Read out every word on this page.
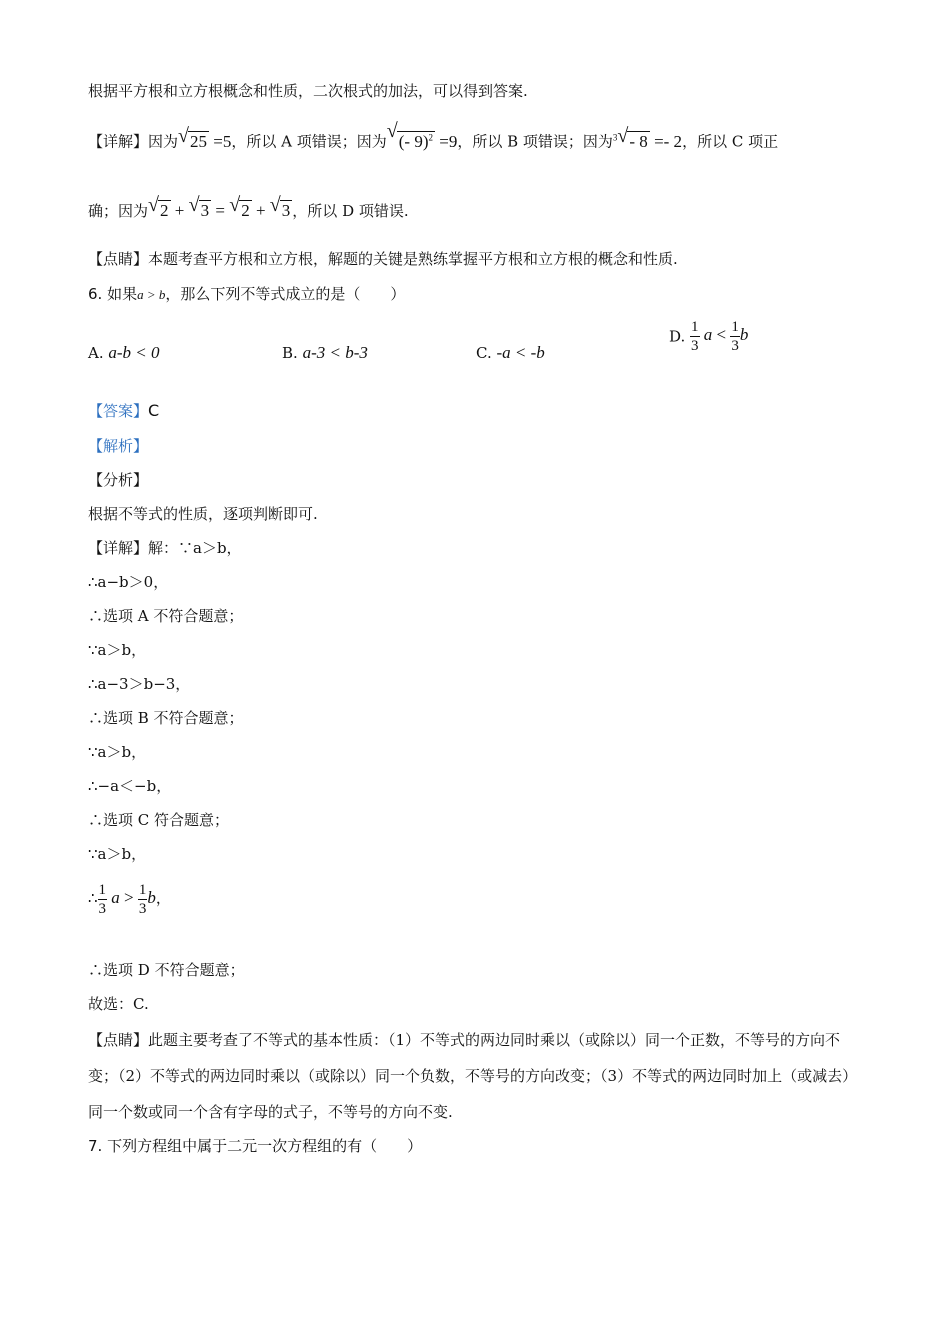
根据平方根和立方根概念和性质，二次根式的加法，可以得到答案.
【详解】因为 √ 25 =5，所以 A 项错误；因为 √ (- 9)$^2$ =9，所以 B 项错误；因为$^3$ √ - 8 =- 2，所以 C 项正
确；因为 √ 2 + √ 3 = √ 2 + √ 3 ，所以 D 项错误.
【点睛】本题考查平方根和立方根，解题的关键是熟练掌握平方根和立方根的概念和性质.
6. 如果a > b，那么下列不等式成立的是（　　）
A. a-b < 0	B. a-3 < b-3	C. -a < -b
D. $\frac{1}{3}$ $a < \frac{1}{3}$ b
【答案】C
【解析】
【分析】
根据不等式的性质，逐项判断即可.
【详解】解：∵a＞b，
∴a−b＞0，
∴选项 A 不符合题意；
∵a＞b，
∴a−3＞b−3，
∴选项 B 不符合题意；
∵a＞b，
∴−a＜−b，
∴选项 C 符合题意；
∵a＞b，
∴ $\frac{1}{3}$ $a > \frac{1}{3}$ b，
∴选项 D 不符合题意；
故选：C.
【点睛】此题主要考查了不等式的基本性质：（1）不等式的两边同时乘以（或除以）同一个正数，不等号的方向不变；（2）不等式的两边同时乘以（或除以）同一个负数，不等号的方向改变；（3）不等式的两边同时加上（或减去）同一个数或同一个含有字母的式子，不等号的方向不变.
7. 下列方程组中属于二元一次方程组的有（　　）
